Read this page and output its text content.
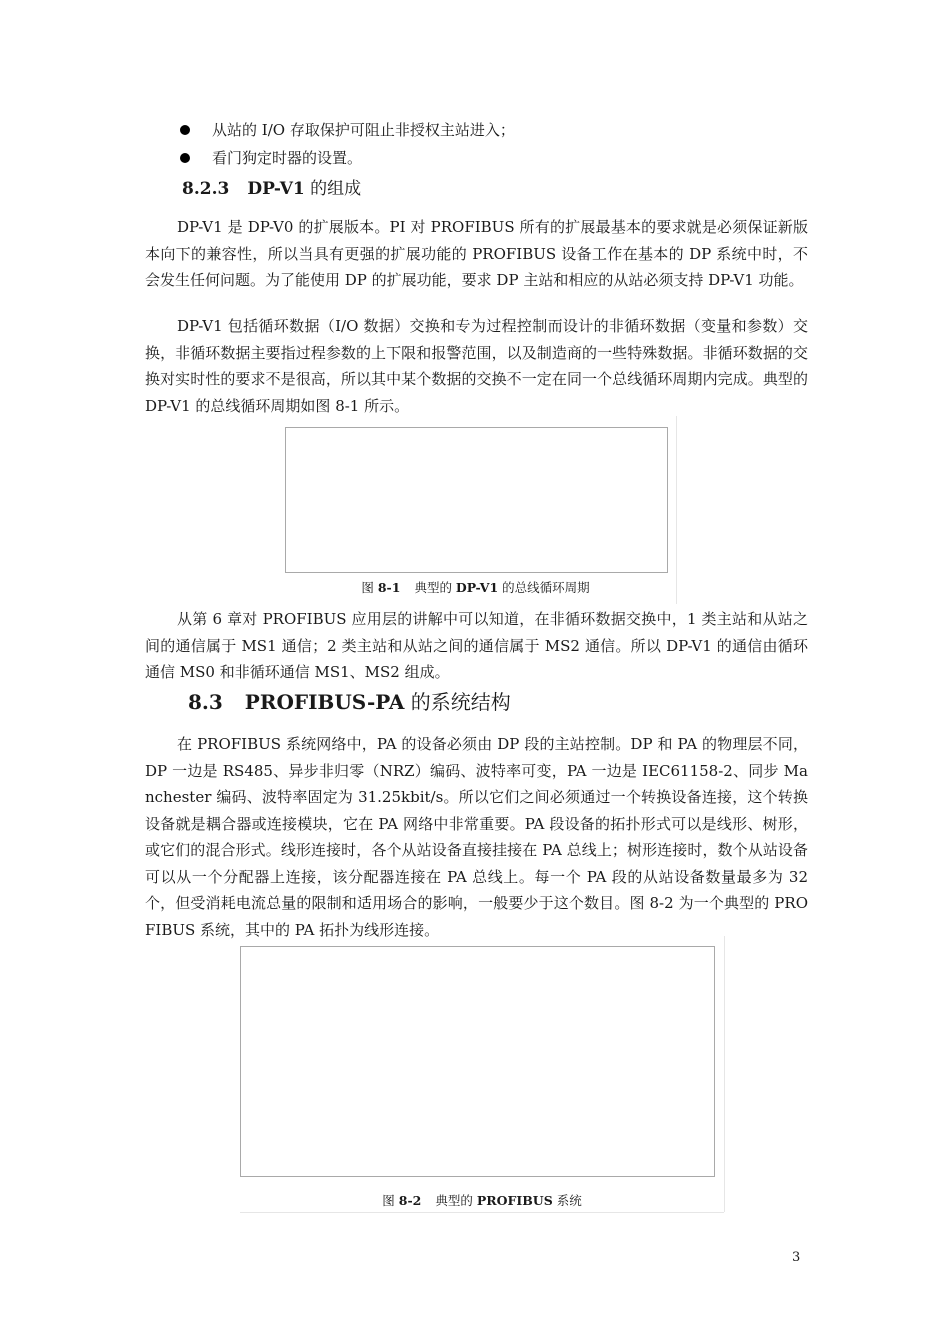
从站的 I/O 存取保护可阻止非授权主站进入；
看门狗定时器的设置。
8.2.3 DP-V1 的组成

DP-V1 是 DP-V0 的扩展版本。PI 对 PROFIBUS 所有的扩展最基本的要求就是必须保证新版本向下的兼容性，所以当具有更强的扩展功能的 PROFIBUS 设备工作在基本的 DP 系统中时，不会发生任何问题。为了能使用 DP 的扩展功能，要求 DP 主站和相应的从站必须支持 DP-V1 功能。

DP-V1 包括循环数据（I/O 数据）交换和专为过程控制而设计的非循环数据（变量和参数）交换，非循环数据主要指过程参数的上下限和报警范围，以及制造商的一些特殊数据。非循环数据的交换对实时性的要求不是很高，所以其中某个数据的交换不一定在同一个总线循环周期内完成。典型的 DP-V1 的总线循环周期如图 8-1 所示。

图 8-1 典型的 DP-V1 的总线循环周期

从第 6 章对 PROFIBUS 应用层的讲解中可以知道，在非循环数据交换中，1 类主站和从站之间的通信属于 MS1 通信；2 类主站和从站之间的通信属于 MS2 通信。所以 DP-V1 的通信由循环通信 MS0 和非循环通信 MS1、MS2 组成。

8.3 PROFIBUS-PA 的系统结构

在 PROFIBUS 系统网络中，PA 的设备必须由 DP 段的主站控制。DP 和 PA 的物理层不同，DP 一边是 RS485、异步非归零（NRZ）编码、波特率可变，PA 一边是 IEC61158-2、同步 Manchester 编码、波特率固定为 31.25kbit/s。所以它们之间必须通过一个转换设备连接，这个转换设备就是耦合器或连接模块，它在 PA 网络中非常重要。PA 段设备的拓扑形式可以是线形、树形，或它们的混合形式。线形连接时，各个从站设备直接挂接在 PA 总线上；树形连接时，数个从站设备可以从一个分配器上连接，该分配器连接在 PA 总线上。每一个 PA 段的从站设备数量最多为 32 个，但受消耗电流总量的限制和适用场合的影响，一般要少于这个数目。图 8-2 为一个典型的 PROFIBUS 系统，其中的 PA 拓扑为线形连接。

图 8-2 典型的 PROFIBUS 系统
3
